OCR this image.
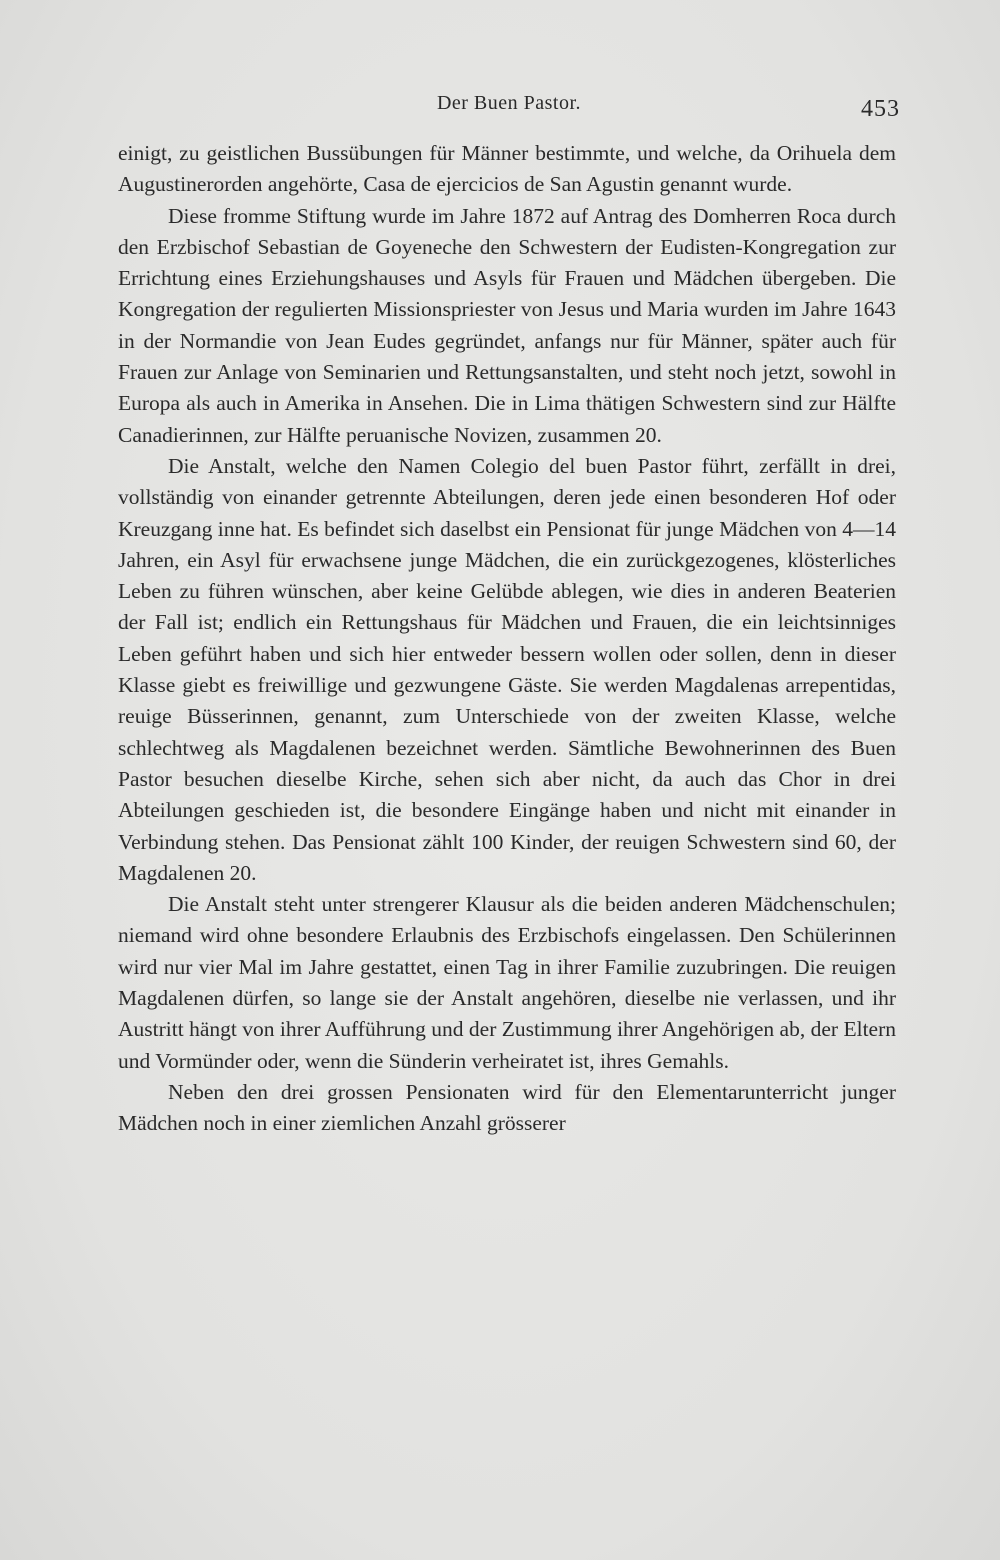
Der Buen Pastor.	453

einigt, zu geistlichen Bussübungen für Männer bestimmte, und welche, da Orihuela dem Augustinerorden angehörte, Casa de ejercicios de San Agustin genannt wurde.

Diese fromme Stiftung wurde im Jahre 1872 auf Antrag des Domherren Roca durch den Erzbischof Sebastian de Goyeneche den Schwestern der Eudisten-Kongregation zur Errichtung eines Erziehungshauses und Asyls für Frauen und Mädchen übergeben. Die Kongregation der regulierten Missionspriester von Jesus und Maria wurden im Jahre 1643 in der Normandie von Jean Eudes gegründet, anfangs nur für Männer, später auch für Frauen zur Anlage von Seminarien und Rettungsanstalten, und steht noch jetzt, sowohl in Europa als auch in Amerika in Ansehen. Die in Lima thätigen Schwestern sind zur Hälfte Canadierinnen, zur Hälfte peruanische Novizen, zusammen 20.

Die Anstalt, welche den Namen Colegio del buen Pastor führt, zerfällt in drei, vollständig von einander getrennte Abteilungen, deren jede einen besonderen Hof oder Kreuzgang inne hat. Es befindet sich daselbst ein Pensionat für junge Mädchen von 4—14 Jahren, ein Asyl für erwachsene junge Mädchen, die ein zurückgezogenes, klösterliches Leben zu führen wünschen, aber keine Gelübde ablegen, wie dies in anderen Beaterien der Fall ist; endlich ein Rettungshaus für Mädchen und Frauen, die ein leichtsinniges Leben geführt haben und sich hier entweder bessern wollen oder sollen, denn in dieser Klasse giebt es freiwillige und gezwungene Gäste. Sie werden Magdalenas arrepentidas, reuige Büsserinnen, genannt, zum Unterschiede von der zweiten Klasse, welche schlechtweg als Magdalenen bezeichnet werden. Sämtliche Bewohnerinnen des Buen Pastor besuchen dieselbe Kirche, sehen sich aber nicht, da auch das Chor in drei Abteilungen geschieden ist, die besondere Eingänge haben und nicht mit einander in Verbindung stehen. Das Pensionat zählt 100 Kinder, der reuigen Schwestern sind 60, der Magdalenen 20.

Die Anstalt steht unter strengerer Klausur als die beiden anderen Mädchenschulen; niemand wird ohne besondere Erlaubnis des Erzbischofs eingelassen. Den Schülerinnen wird nur vier Mal im Jahre gestattet, einen Tag in ihrer Familie zuzubringen. Die reuigen Magdalenen dürfen, so lange sie der Anstalt angehören, dieselbe nie verlassen, und ihr Austritt hängt von ihrer Aufführung und der Zustimmung ihrer Angehörigen ab, der Eltern und Vormünder oder, wenn die Sünderin verheiratet ist, ihres Gemahls.

Neben den drei grossen Pensionaten wird für den Elementarunterricht junger Mädchen noch in einer ziemlichen Anzahl grösserer
